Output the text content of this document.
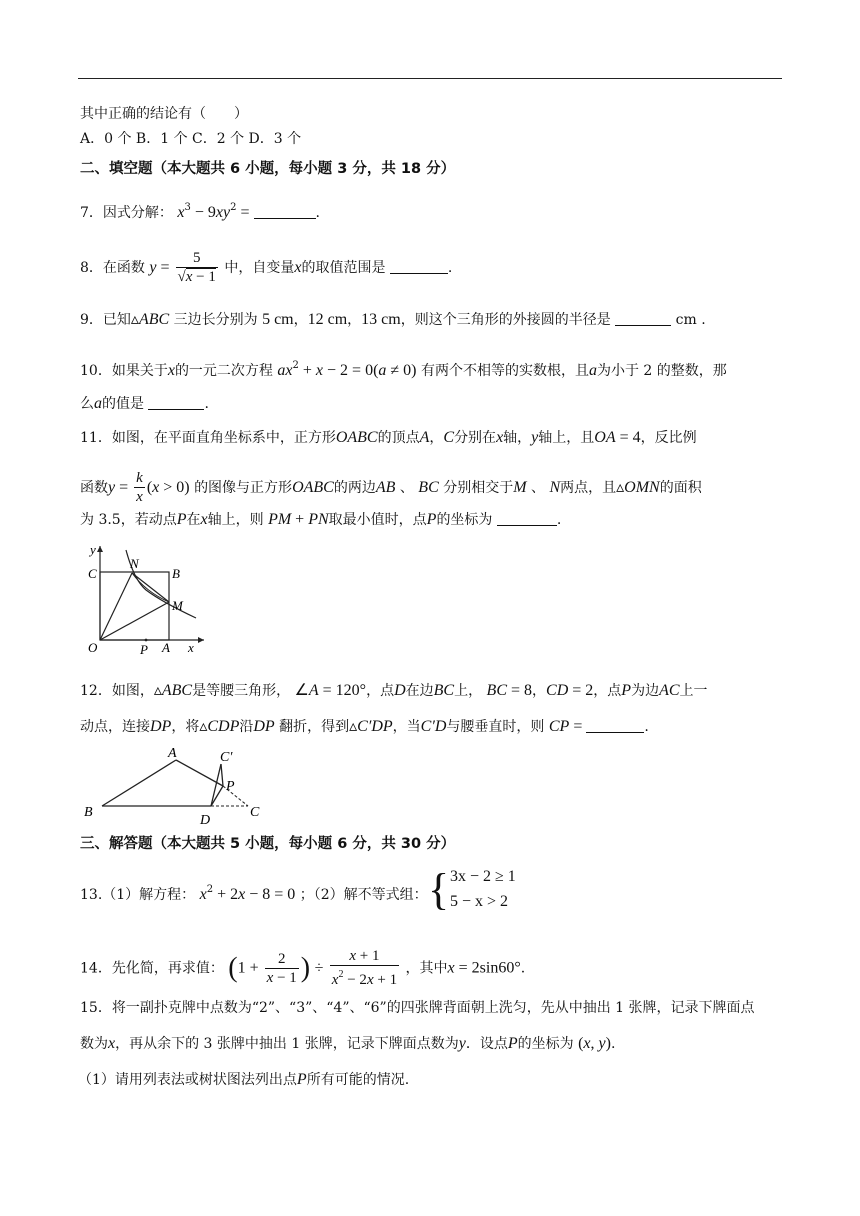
其中正确的结论有（　　）
A．0 个 B．1 个 C．2 个 D．3 个
二、填空题（本大题共 6 小题，每小题 3 分，共 18 分）
7．因式分解： $x^3 - 9xy^2$ =	.
8．在函数 $y = \frac{5}{√x - 1}$ 中，自变量x的取值范围是	.
9．已知▵ABC 三边长分别为 5 cm，12 cm，13 cm，则这个三角形的外接圆的半径是	cm .
10．如果关于x的一元二次方程 $ax^2 + x - 2 = 0(a \ne 0)$ 有两个不相等的实数根，且a为小于 2 的整数，那
么a的值是	.
11．如图，在平面直角坐标系中，正方形OABC的顶点A，C分别在x轴，y轴上，且OA = 4，反比例
函数$y = \frac{k}{x} (x > 0)$ 的图像与正方形OABC的两边AB 、 BC 分别相交于M 、 N两点，且▵OMN的面积
为 3.5，若动点P在x轴上，则 PM + PN取最小值时，点P的坐标为	.
y
C
N
B
M
O	P A x
12．如图，▵ABC是等腰三角形， ∠A = 120°，点D在边BC上， BC = 8，CD = 2，点P为边AC上一
动点，连接DP，将▵CDP沿DP 翻折，得到▵C′DP，当C′D与腰垂直时，则 CP =	.
A	C′
P
B
D
C
三、解答题（本大题共 5 小题，每小题 6 分，共 30 分）
13.（1）解方程： $x^2 + 2x - 8 = 0$ ；（2）解不等式组： { 3x − 2 ≥ 1
5 − x > 2
14．先化简，再求值： ($1 + \frac{2}{x - 1}$ ) ÷ $\frac{x + 1}{x^2 - 2x + 1}$ ，其中x = 2sin60°.
15．将一副扑克牌中点数为“2”、“3”、“4”、“6”的四张牌背面朝上洗匀，先从中抽出 1 张牌，记录下牌面点
数为x，再从余下的 3 张牌中抽出 1 张牌，记录下牌面点数为y．设点P的坐标为 (x, y).
（1）请用列表法或树状图法列出点P所有可能的情况.
